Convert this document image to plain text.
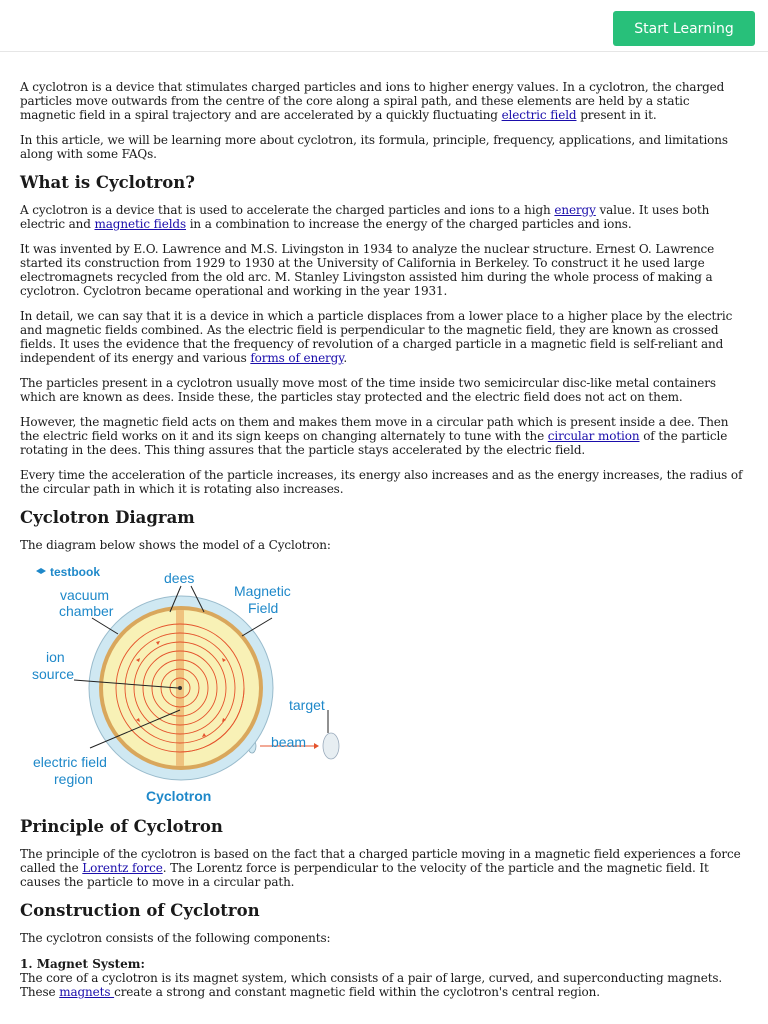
Start Learning

A cyclotron is a device that stimulates charged particles and ions to higher energy values. In a cyclotron, the charged particles move outwards from the centre of the core along a spiral path, and these elements are held by a static magnetic field in a spiral trajectory and are accelerated by a quickly fluctuating electric field present in it.

In this article, we will be learning more about cyclotron, its formula, principle, frequency, applications, and limitations along with some FAQs.

What is Cyclotron?

A cyclotron is a device that is used to accelerate the charged particles and ions to a high energy value. It uses both electric and magnetic fields in a combination to increase the energy of the charged particles and ions.

It was invented by E.O. Lawrence and M.S. Livingston in 1934 to analyze the nuclear structure. Ernest O. Lawrence started its construction from 1929 to 1930 at the University of California in Berkeley. To construct it he used large electromagnets recycled from the old arc. M. Stanley Livingston assisted him during the whole process of making a cyclotron. Cyclotron became operational and working in the year 1931.

In detail, we can say that it is a device in which a particle displaces from a lower place to a higher place by the electric and magnetic fields combined. As the electric field is perpendicular to the magnetic field, they are known as crossed fields. It uses the evidence that the frequency of revolution of a charged particle in a magnetic field is self-reliant and independent of its energy and various forms of energy.

The particles present in a cyclotron usually move most of the time inside two semicircular disc-like metal containers which are known as dees. Inside these, the particles stay protected and the electric field does not act on them.

However, the magnetic field acts on them and makes them move in a circular path which is present inside a dee. Then the electric field works on it and its sign keeps on changing alternately to tune with the circular motion of the particle rotating in the dees. This thing assures that the particle stays accelerated by the electric field.

Every time the acceleration of the particle increases, its energy also increases and as the energy increases, the radius of the circular path in which it is rotating also increases.

Cyclotron Diagram

The diagram below shows the model of a Cyclotron:

testbook	dees
vacuum
chamber
Magnetic
Field
ion
source
target
beam
electric field
region
Cyclotron
Principle of Cyclotron

The principle of the cyclotron is based on the fact that a charged particle moving in a magnetic field experiences a force called the Lorentz force. The Lorentz force is perpendicular to the velocity of the particle and the magnetic field. It causes the particle to move in a circular path.

Construction of Cyclotron

The cyclotron consists of the following components:

1. Magnet System:

The core of a cyclotron is its magnet system, which consists of a pair of large, curved, and superconducting magnets. These magnets create a strong and constant magnetic field within the cyclotron's central region.
